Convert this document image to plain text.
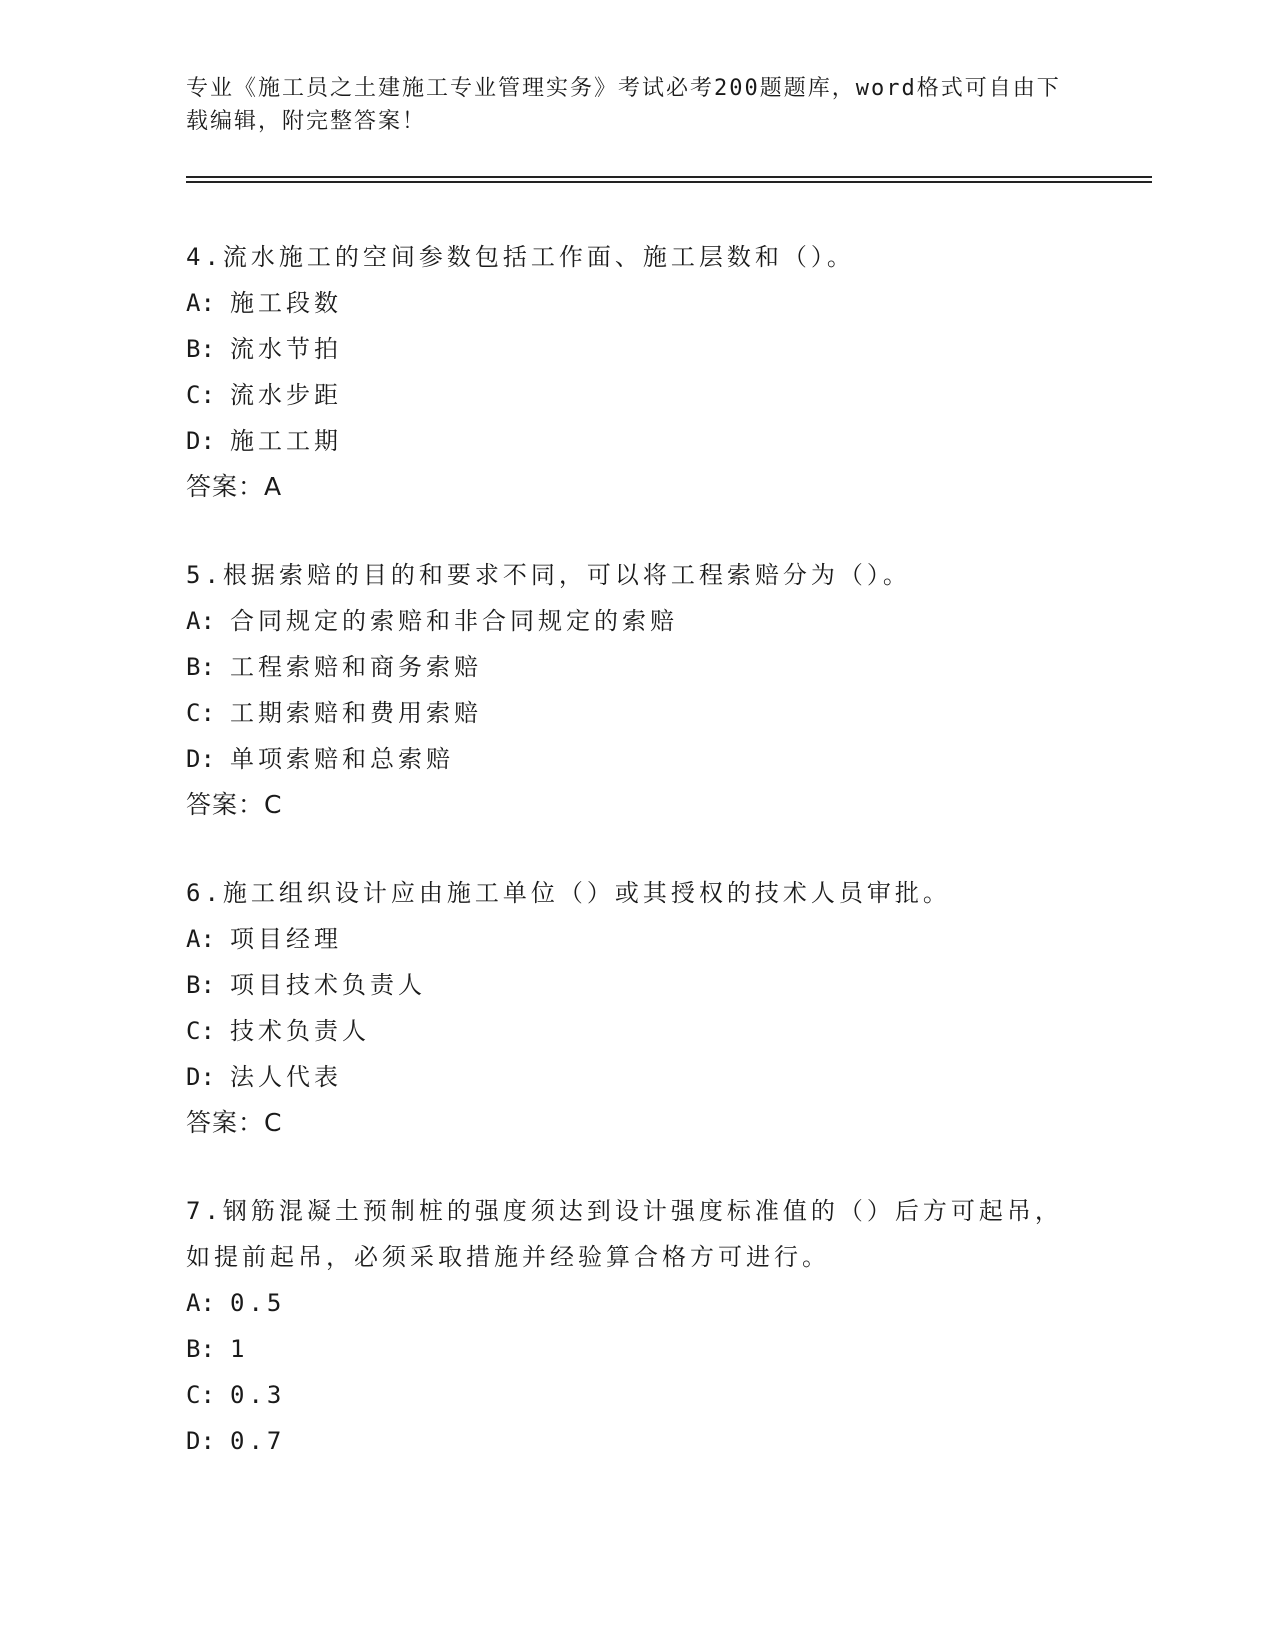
专业《施工员之土建施工专业管理实务》考试必考200题题库，word格式可自由下载编辑，附完整答案！
4.流水施工的空间参数包括工作面、施工层数和（）。
A: 施工段数
B: 流水节拍
C: 流水步距
D: 施工工期
答案：A
5.根据索赔的目的和要求不同，可以将工程索赔分为（）。
A: 合同规定的索赔和非合同规定的索赔
B: 工程索赔和商务索赔
C: 工期索赔和费用索赔
D: 单项索赔和总索赔
答案：C
6.施工组织设计应由施工单位（）或其授权的技术人员审批。
A: 项目经理
B: 项目技术负责人
C: 技术负责人
D: 法人代表
答案：C
7.钢筋混凝土预制桩的强度须达到设计强度标准值的（）后方可起吊，如提前起吊，必须采取措施并经验算合格方可进行。
A: 0.5
B: 1
C: 0.3
D: 0.7
